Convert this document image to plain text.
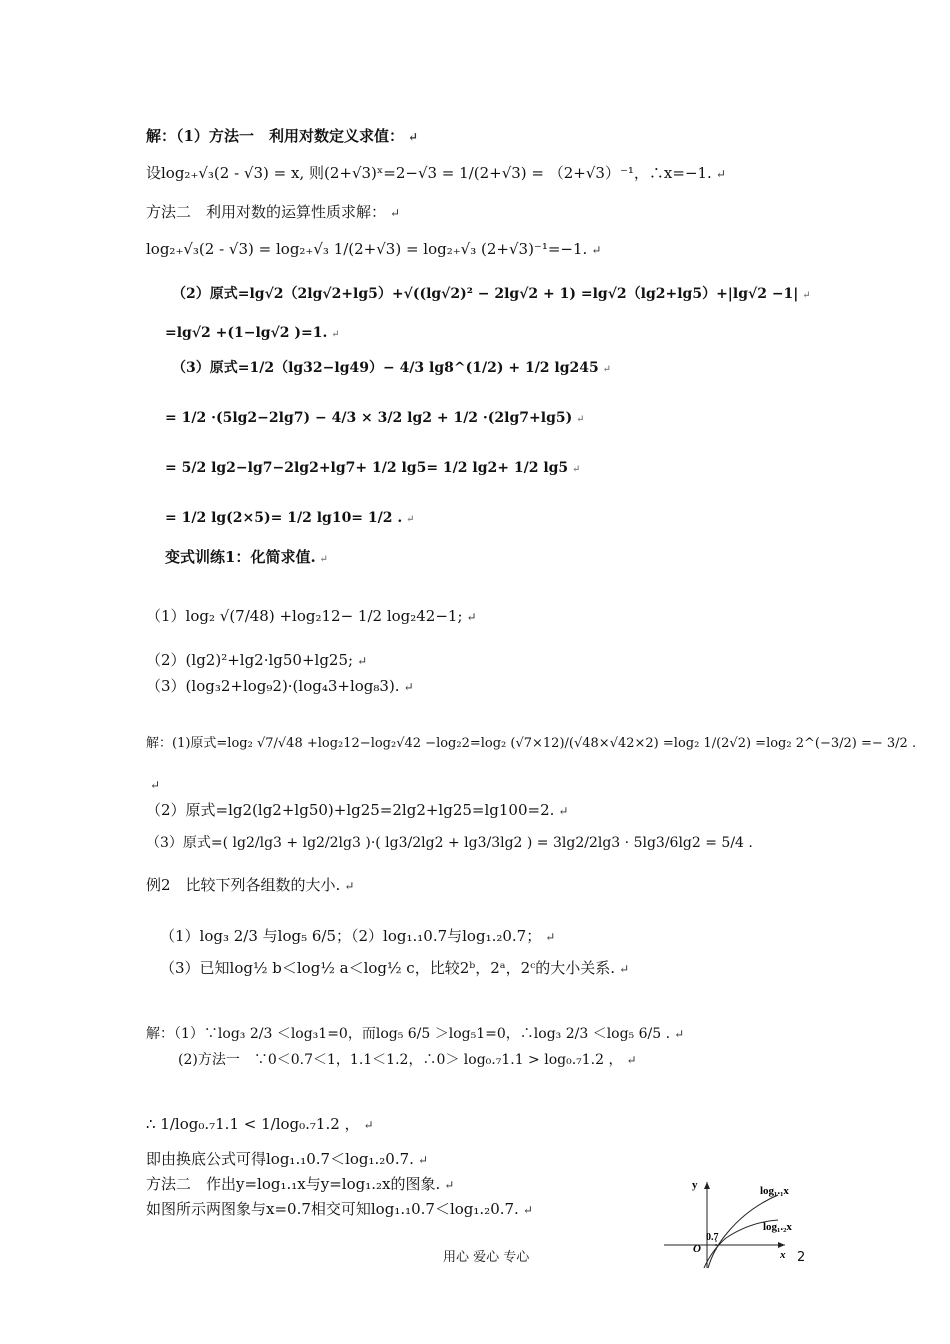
解：（1）方法一　利用对数定义求值： ↵
设log₂₊√₃(2 - √3) = x, 则(2+√3)ˣ=2−√3 = 1/(2+√3) = （2+√3）⁻¹，∴x=−1. ↵
方法二　利用对数的运算性质求解： ↵
log₂₊√₃(2 - √3) = log₂₊√₃ 1/(2+√3) = log₂₊√₃ (2+√3)⁻¹=−1. ↵
（2）原式=lg√2（2lg√2+lg5）+√((lg√2)² − 2lg√2 + 1) =lg√2（lg2+lg5）+|lg√2 −1| ↵
=lg√2 +(1−lg√2 )=1. ↵
（3）原式=1/2（lg32−lg49）− 4/3 lg8^(1/2) + 1/2 lg245 ↵
= 1/2 ·(5lg2−2lg7) − 4/3 × 3/2 lg2 + 1/2 ·(2lg7+lg5) ↵
= 5/2 lg2−lg7−2lg2+lg7+ 1/2 lg5= 1/2 lg2+ 1/2 lg5 ↵
= 1/2 lg(2×5)= 1/2 lg10= 1/2 . ↵
变式训练1：化简求值. ↵
（1）log₂ √(7/48) +log₂12− 1/2 log₂42−1; ↵
（2）(lg2)²+lg2·lg50+lg25; ↵
（3）(log₃2+log₉2)·(log₄3+log₈3). ↵
解：(1)原式=log₂ √7/√48 +log₂12−log₂√42 −log₂2=log₂ (√7×12)/(√48×√42×2) =log₂ 1/(2√2) =log₂ 2^(−3/2) =− 3/2 .
↵
（2）原式=lg2(lg2+lg50)+lg25=2lg2+lg25=lg100=2. ↵
（3）原式=( lg2/lg3 + lg2/2lg3 )·( lg3/2lg2 + lg3/3lg2 ) = 3lg2/2lg3 · 5lg3/6lg2 = 5/4 .
例2　比较下列各组数的大小. ↵
（1）log₃ 2/3 与log₅ 6/5；（2）log₁.₁0.7与log₁.₂0.7； ↵
（3）已知log½ b＜log½ a＜log½ c，比较2ᵇ，2ᵃ，2ᶜ的大小关系. ↵
解：（1）∵log₃ 2/3 ＜log₃1=0，而log₅ 6/5 ＞log₅1=0，∴log₃ 2/3 ＜log₅ 6/5 . ↵
(2)方法一　∵0＜0.7＜1，1.1＜1.2，∴0＞ log₀.₇1.1 > log₀.₇1.2 ， ↵
∴ 1/log₀.₇1.1 < 1/log₀.₇1.2 ， ↵
即由换底公式可得log₁.₁0.7＜log₁.₂0.7. ↵
方法二　作出y=log₁.₁x与y=log₁.₂x的图象. ↵
如图所示两图象与x=0.7相交可知log₁.₁0.7＜log₁.₂0.7. ↵
y
x
O
0.7
log₁.₁x
log₁.₂x
用心 爱心 专心	2
